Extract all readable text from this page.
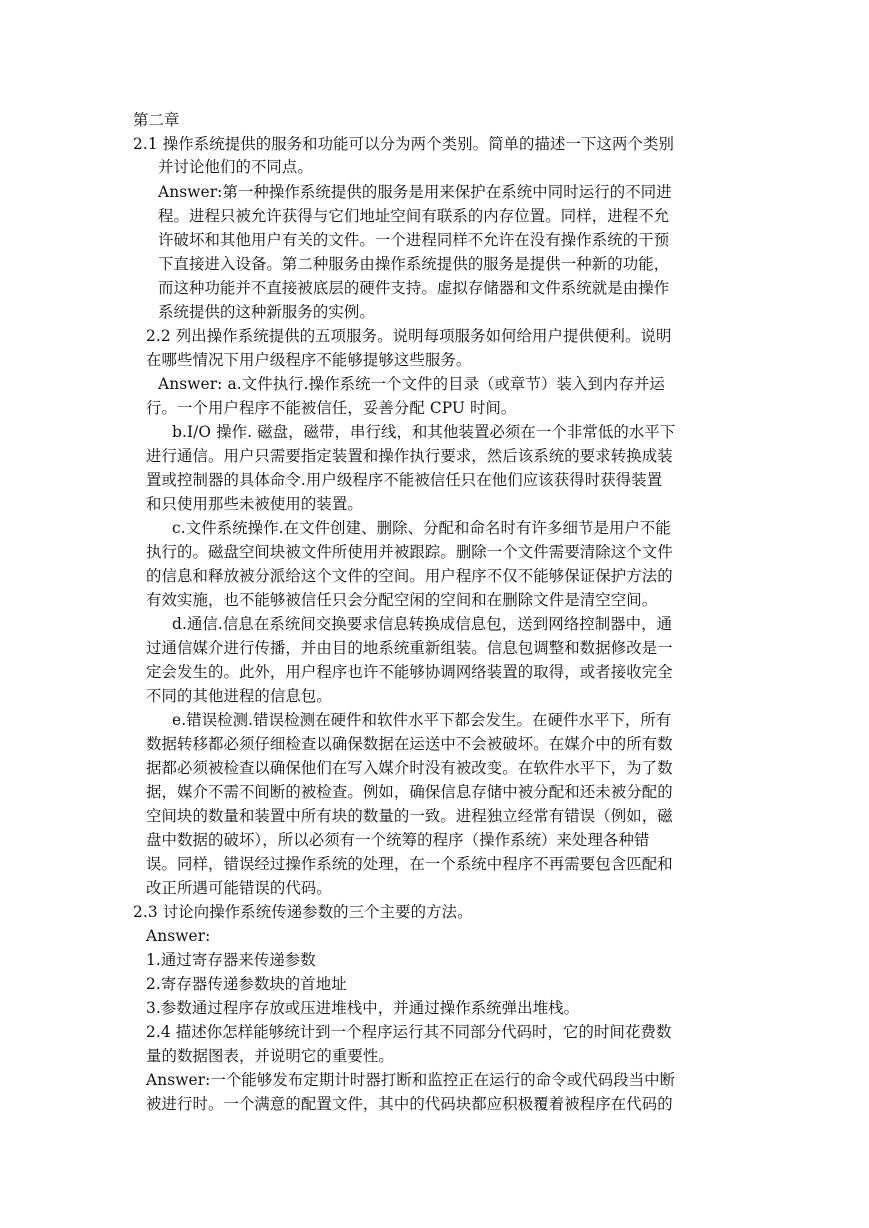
第二章
2.1 操作系统提供的服务和功能可以分为两个类别。简单的描述一下这两个类别
并讨论他们的不同点。
Answer:第一种操作系统提供的服务是用来保护在系统中同时运行的不同进
程。进程只被允许获得与它们地址空间有联系的内存位置。同样，进程不允
许破坏和其他用户有关的文件。一个进程同样不允许在没有操作系统的干预
下直接进入设备。第二种服务由操作系统提供的服务是提供一种新的功能，
而这种功能并不直接被底层的硬件支持。虚拟存储器和文件系统就是由操作
系统提供的这种新服务的实例。
2.2 列出操作系统提供的五项服务。说明每项服务如何给用户提供便利。说明
在哪些情况下用户级程序不能够提够这些服务。
Answer: a.文件执行.操作系统一个文件的目录（或章节）装入到内存并运
行。一个用户程序不能被信任，妥善分配 CPU 时间。
b.I/O 操作. 磁盘，磁带，串行线，和其他装置必须在一个非常低的水平下
进行通信。用户只需要指定装置和操作执行要求，然后该系统的要求转换成装
置或控制器的具体命令.用户级程序不能被信任只在他们应该获得时获得装置
和只使用那些未被使用的装置。
c.文件系统操作.在文件创建、删除、分配和命名时有许多细节是用户不能
执行的。磁盘空间块被文件所使用并被跟踪。删除一个文件需要清除这个文件
的信息和释放被分派给这个文件的空间。用户程序不仅不能够保证保护方法的
有效实施，也不能够被信任只会分配空闲的空间和在删除文件是清空空间。
d.通信.信息在系统间交换要求信息转换成信息包，送到网络控制器中，通
过通信媒介进行传播，并由目的地系统重新组装。信息包调整和数据修改是一
定会发生的。此外，用户程序也许不能够协调网络装置的取得，或者接收完全
不同的其他进程的信息包。
e.错误检测.错误检测在硬件和软件水平下都会发生。在硬件水平下，所有
数据转移都必须仔细检查以确保数据在运送中不会被破坏。在媒介中的所有数
据都必须被检查以确保他们在写入媒介时没有被改变。在软件水平下，为了数
据，媒介不需不间断的被检查。例如，确保信息存储中被分配和还未被分配的
空间块的数量和装置中所有块的数量的一致。进程独立经常有错误（例如，磁
盘中数据的破坏），所以必须有一个统筹的程序（操作系统）来处理各种错
误。同样，错误经过操作系统的处理，在一个系统中程序不再需要包含匹配和
改正所遇可能错误的代码。
2.3 讨论向操作系统传递参数的三个主要的方法。
Answer:
1.通过寄存器来传递参数
2.寄存器传递参数块的首地址
3.参数通过程序存放或压进堆栈中，并通过操作系统弹出堆栈。
2.4 描述你怎样能够统计到一个程序运行其不同部分代码时，它的时间花费数
量的数据图表，并说明它的重要性。
Answer:一个能够发布定期计时器打断和监控正在运行的命令或代码段当中断
被进行时。一个满意的配置文件，其中的代码块都应积极覆着被程序在代码的
